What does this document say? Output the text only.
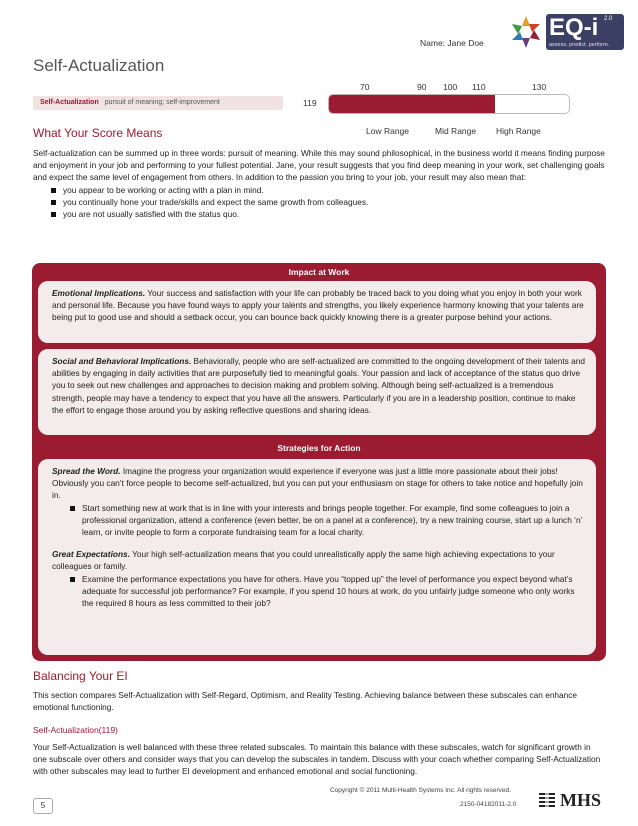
Name: Jane Doe
EQ-i 2.0
assess. predict. perform.
Self-Actualization
70	90 100 110	130
Self-Actualization pursuit of meaning; self-improvement	119
Low Range	Mid Range High Range
What Your Score Means
Self-actualization can be summed up in three words: pursuit of meaning. While this may sound philosophical, in the business world it means finding purpose and enjoyment in your job and performing to your fullest potential. Jane, your result suggests that you find deep meaning in your work, set challenging goals and expect the same level of engagement from others. In addition to the passion you bring to your job, your result may also mean that:
you appear to be working or acting with a plan in mind.
you continually hone your trade/skills and expect the same growth from colleagues.
you are not usually satisfied with the status quo.
Impact at Work
Emotional Implications. Your success and satisfaction with your life can probably be traced back to you doing what you enjoy in both your work and personal life. Because you have found ways to apply your talents and strengths, you likely experience harmony knowing that your talents are being put to good use and should a setback occur, you can bounce back quickly knowing there is a greater purpose behind your actions.
Social and Behavioral Implications. Behaviorally, people who are self-actualized are committed to the ongoing development of their talents and abilities by engaging in daily activities that are purposefully tied to meaningful goals. Your passion and lack of acceptance of the status quo drive you to seek out new challenges and approaches to decision making and problem solving. Although being self-actualized is a tremendous strength, people may have a tendency to expect that you have all the answers. Particularly if you are in a leadership position, continue to make the effort to engage those around you by asking reflective questions and sharing ideas.
Strategies for Action
Spread the Word. Imagine the progress your organization would experience if everyone was just a little more passionate about their jobs! Obviously you can’t force people to become self-actualized, but you can put your enthusiasm on stage for others to take notice and hopefully join in.
Start something new at work that is in line with your interests and brings people together. For example, find some colleagues to join a professional organization, attend a conference (even better, be on a panel at a conference), try a new training course, start up a lunch ‘n’ learn, or invite people to form a corporate fundraising team for a local charity.
Great Expectations. Your high self-actualization means that you could unrealistically apply the same high achieving expectations to your colleagues or family.
Examine the performance expectations you have for others. Have you “topped up” the level of performance you expect beyond what’s adequate for successful job performance? For example, if you spend 10 hours at work, do you unfairly judge someone who only works the required 8 hours as less committed to their job?
Balancing Your EI
This section compares Self-Actualization with Self-Regard, Optimism, and Reality Testing. Achieving balance between these subscales can enhance emotional functioning.
Self-Actualization(119)
Your Self-Actualization is well balanced with these three related subscales. To maintain this balance with these subscales, watch for significant growth in one subscale over others and consider ways that you can develop the subscales in tandem. Discuss with your coach whether comparing Self-Actualization with other subscales may lead to further EI development and enhanced emotional and social functioning.
5
Copyright © 2011 Multi-Health Systems Inc. All rights reserved.
2150-04182011-2.0 MHS
